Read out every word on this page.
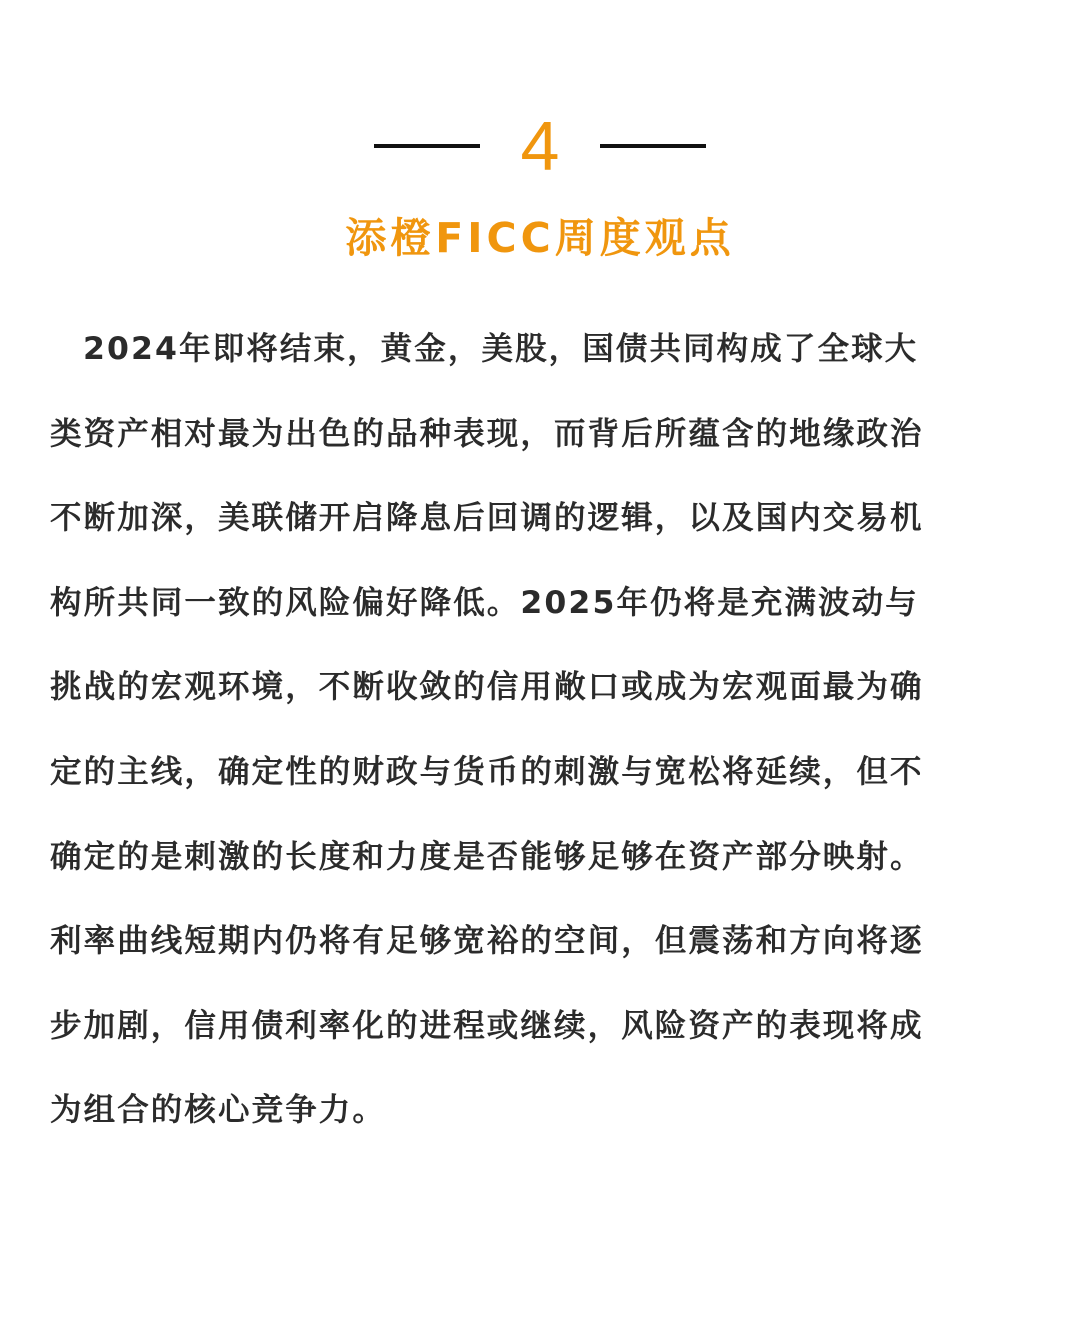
4
添橙FICC周度观点
2024年即将结束，黄金，美股，国债共同构成了全球大
类资产相对最为出色的品种表现，而背后所蕴含的地缘政治
不断加深，美联储开启降息后回调的逻辑，以及国内交易机
构所共同一致的风险偏好降低。2025年仍将是充满波动与
挑战的宏观环境，不断收敛的信用敞口或成为宏观面最为确
定的主线，确定性的财政与货币的刺激与宽松将延续，但不
确定的是刺激的长度和力度是否能够足够在资产部分映射。
利率曲线短期内仍将有足够宽裕的空间，但震荡和方向将逐
步加剧，信用债利率化的进程或继续，风险资产的表现将成
为组合的核心竞争力。
